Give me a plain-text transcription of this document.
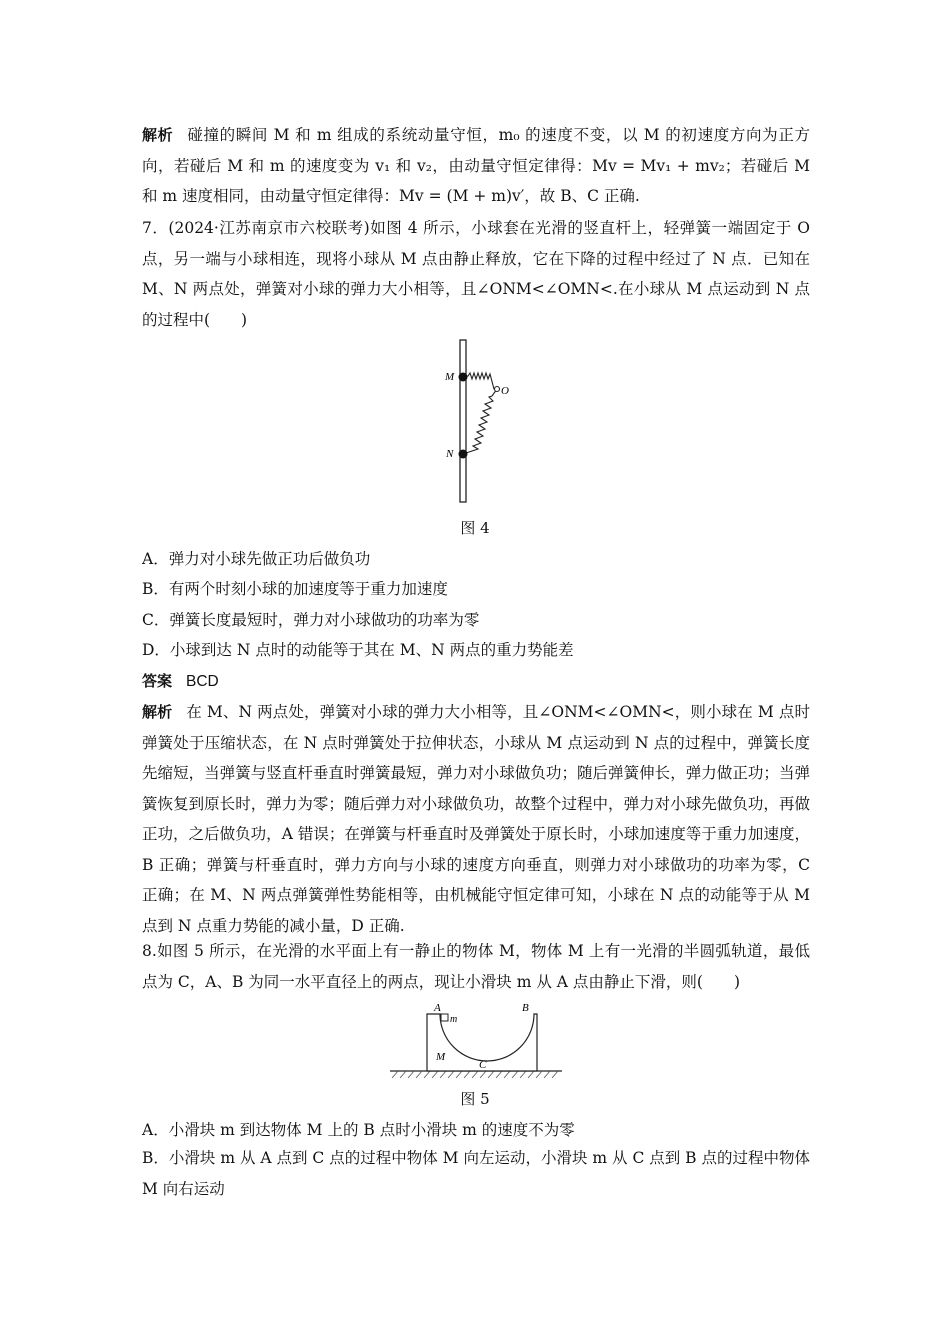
解析 碰撞的瞬间 M 和 m 组成的系统动量守恒，m₀ 的速度不变，以 M 的初速度方向为正方向，若碰后 M 和 m 的速度变为 v₁ 和 v₂，由动量守恒定律得：Mv = Mv₁ + mv₂；若碰后 M 和 m 速度相同，由动量守恒定律得：Mv = (M + m)v′，故 B、C 正确.
7．(2024·江苏南京市六校联考)如图 4 所示，小球套在光滑的竖直杆上，轻弹簧一端固定于 O 点，另一端与小球相连，现将小球从 M 点由静止释放，它在下降的过程中经过了 N 点．已知在 M、N 两点处，弹簧对小球的弹力大小相等，且∠ONM<∠OMN<.在小球从 M 点运动到 N 点的过程中(　　)
M
O
N
图 4
A．弹力对小球先做正功后做负功
B．有两个时刻小球的加速度等于重力加速度
C．弹簧长度最短时，弹力对小球做功的功率为零
D．小球到达 N 点时的动能等于其在 M、N 两点的重力势能差
答案 BCD
解析 在 M、N 两点处，弹簧对小球的弹力大小相等，且∠ONM<∠OMN<，则小球在 M 点时弹簧处于压缩状态，在 N 点时弹簧处于拉伸状态，小球从 M 点运动到 N 点的过程中，弹簧长度先缩短，当弹簧与竖直杆垂直时弹簧最短，弹力对小球做负功；随后弹簧伸长，弹力做正功；当弹簧恢复到原长时，弹力为零；随后弹力对小球做负功，故整个过程中，弹力对小球先做负功，再做正功，之后做负功，A 错误；在弹簧与杆垂直时及弹簧处于原长时，小球加速度等于重力加速度，B 正确；弹簧与杆垂直时，弹力方向与小球的速度方向垂直，则弹力对小球做功的功率为零，C 正确；在 M、N 两点弹簧弹性势能相等，由机械能守恒定律可知，小球在 N 点的动能等于从 M 点到 N 点重力势能的减小量，D 正确.
8.如图 5 所示，在光滑的水平面上有一静止的物体 M，物体 M 上有一光滑的半圆弧轨道，最低点为 C，A、B 为同一水平直径上的两点，现让小滑块 m 从 A 点由静止下滑，则(　　)
A
m
B
M
C
图 5
A．小滑块 m 到达物体 M 上的 B 点时小滑块 m 的速度不为零
B．小滑块 m 从 A 点到 C 点的过程中物体 M 向左运动，小滑块 m 从 C 点到 B 点的过程中物体 M 向右运动
